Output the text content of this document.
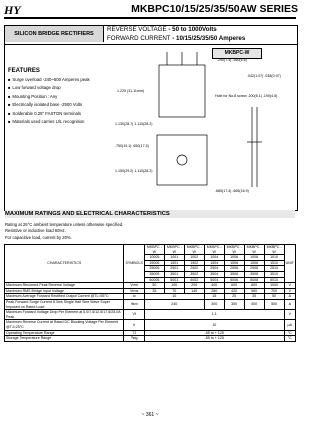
HY	MKBPC10/15/25/35/50AW SERIES
SILICON BRIDGE RECTIFIERS
REVERSE VOLTAGE - 50 to 1000Volts
FORWARD CURRENT - 10/15/25/35/50 Amperes
FEATURES
■ Surge overload -240~500 Amperes peak
■ Low forward voltage drop
■ Mounting Position : Any
■ Electrically isolated base -2500 Volts
■ Solderable 0.25" FASTON terminals
■ Materials used carries U/L recognition
MKBPC-W
1.225 (31.11mm)
.290(7.4) .260(6.6)
Hole for No.8 screw .200(5.1) .190(4.8)
.042(1.07) .038(0.97)
1.130(28.7) 1.110(28.2)
.750(19.1) .650(17.5)
.685(17.4) .665(16.9)
1.150(29.2) 1.110(28.2)
MAXIMUM RATINGS AND ELECTRICAL CHARACTERISTICS
Rating at 25°C ambient temperature unless otherwise specified.
Resistive or inductive load 60Hz.
For capacitive load, current by 20%.
CHARACTERISTICS	SYMBOLS	MKBPC -W	MKBPC -W	MKBPC -W	MKBPC -W	MKBPC -W	MKBPC -W	MKBPC -W	UNIT
		10005	1001	1002	1004	1006	1008	1010	
		15005	1501	1502	1504	1506	1508	1510	
		25005	2501	2502	2504	2506	2508	2510	
		35005	3501	3502	3504	3506	3508	3510	
		50005	5001	5002	5004	5006	5008	5010	
Maximum Recurrent Peak Reverse Voltage	Vrrm	50	100	200	400	600	800	1000	V
Maximum RMS Bridge Input Voltage	Vrms	35	70	140	280	420	560	700	V
Maximum Average Forward Rectified Output Current @TL=55°C	Io	10			15	25	35	50	A
Peak Forward Surge Current 8.3ms Single Half Sine Wave Super Imposed on Rated Load	Ifsm	240			300	300	400	500	A
Maximum Forward Voltage Drop Per Element at 5.0/7.5/12.5/17.5/25.0A Peak	Vf	1.1							V
Maximum Reverse Current at Rated DC Blocking Voltage Per Element @TJ=25°C	Ir	10							μA
Operating Temperature Range	TJ	-55 to + 125							°C
Storage Temperature Range	Tstg	-55 to + 125							°C
~ 361 ~
